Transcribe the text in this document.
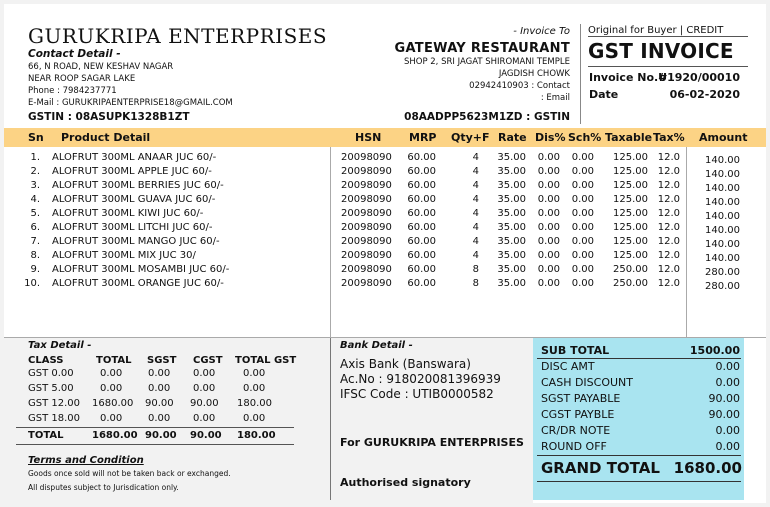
GURUKRIPA ENTERPRISES
Contact Detail -
66, N ROAD, NEW KESHAV NAGAR
NEAR ROOP SAGAR LAKE
Phone : 7984237771
E-Mail : GURUKRIPAENTERPRISE18@GMAIL.COM
GSTIN : 08ASUPK1328B1ZT
- Invoice To
GATEWAY RESTAURANT
SHOP 2, SRI JAGAT SHIROMANI TEMPLE
JAGDISH CHOWK
02942410903 : Contact
: Email
08AADPP5623M1ZD : GSTIN
Original for Buyer | CREDIT
GST INVOICE
Invoice No.#
U1920/00010
Date	06-02-2020
Sn Product Detail	HSN	MRP Qty+F Rate Dis% Sch% Taxable Tax% Amount
1. ALOFRUT 300ML ANAAR JUC 60/-	20098090 60.00	4 35.00 0.00 0.00 125.00 12.0	140.00
2. ALOFRUT 300ML APPLE JUC 60/-	20098090 60.00	4 35.00 0.00 0.00 125.00 12.0	140.00
3. ALOFRUT 300ML BERRIES JUC 60/-	20098090 60.00	4 35.00 0.00 0.00 125.00 12.0	140.00
4. ALOFRUT 300ML GUAVA JUC 60/-	20098090 60.00	4 35.00 0.00 0.00 125.00 12.0	140.00
5. ALOFRUT 300ML KIWI JUC 60/-	20098090 60.00	4 35.00 0.00 0.00 125.00 12.0	140.00
6. ALOFRUT 300ML LITCHI JUC 60/-	20098090 60.00	4 35.00 0.00 0.00 125.00 12.0	140.00
7. ALOFRUT 300ML MANGO JUC 60/-	20098090 60.00	4 35.00 0.00 0.00 125.00 12.0	140.00
8. ALOFRUT 300ML MIX JUC 30/	20098090 60.00	4 35.00 0.00 0.00 125.00 12.0	140.00
9. ALOFRUT 300ML MOSAMBI JUC 60/-	20098090 60.00	8 35.00 0.00 0.00 250.00 12.0	280.00
10. ALOFRUT 300ML ORANGE JUC 60/-	20098090 60.00	8 35.00 0.00 0.00 250.00 12.0	280.00
Tax Detail -
CLASS	TOTAL SGST CGST TOTAL GST
GST 0.00	0.00	0.00 0.00	0.00
GST 5.00	0.00	0.00 0.00	0.00
GST 12.00 1680.00 90.00 90.00 180.00
GST 18.00 0.00	0.00 0.00	0.00
TOTAL	1680.00 90.00 90.00 180.00
Terms and Condition
Goods once sold will not be taken back or exchanged.
All disputes subject to Jurisdication only.
Bank Detail -
Axis Bank (Banswara)
Ac.No : 918020081396939
IFSC Code : UTIB0000582
For GURUKRIPA ENTERPRISES
Authorised signatory
SUB TOTAL	1500.00
DISC AMT	0.00
CASH DISCOUNT	0.00
SGST PAYABLE	90.00
CGST PAYBLE	90.00
CR/DR NOTE	0.00
ROUND OFF	0.00
GRAND TOTAL 1680.00
